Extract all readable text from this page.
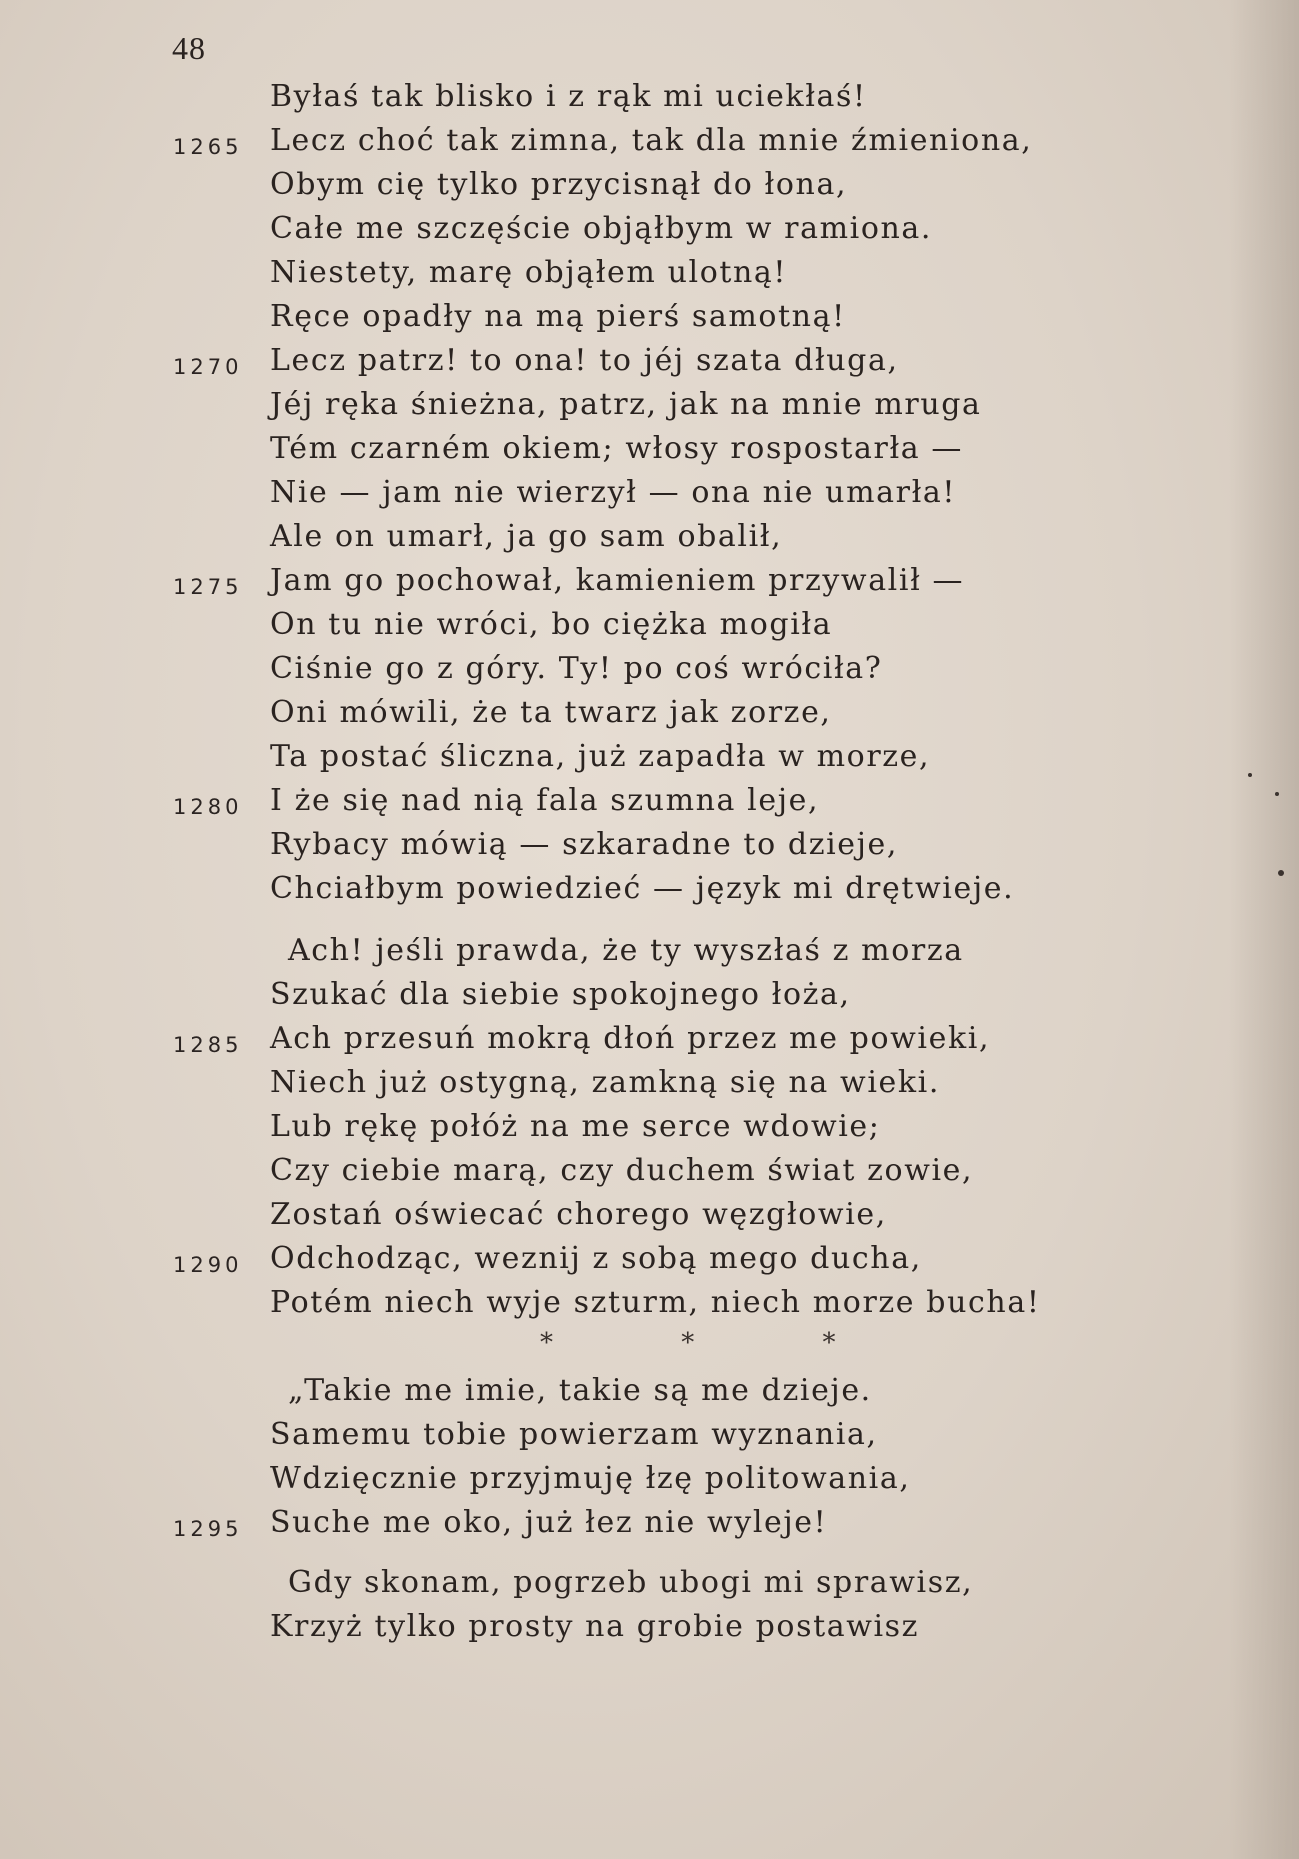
48
Byłaś tak blisko i z rąk mi uciekłaś!
1265 Lecz choć tak zimna, tak dla mnie źmieniona,
Obym cię tylko przycisnął do łona,
Całe me szczęście objąłbym w ramiona.
Niestety, marę objąłem ulotną!
Ręce opadły na mą pierś samotną!
1270 Lecz patrz! to ona! to jéj szata długa,
Jéj ręka śnieżna, patrz, jak na mnie mruga
Tém czarném okiem; włosy rospostarła —
Nie — jam nie wierzył — ona nie umarła!
Ale on umarł, ja go sam obalił,
1275 Jam go pochował, kamieniem przywalił —
On tu nie wróci, bo ciężka mogiła
Ciśnie go z góry. Ty! po coś wróciła?
Oni mówili, że ta twarz jak zorze,
Ta postać śliczna, już zapadła w morze,
1280 I że się nad nią fala szumna leje,
Rybacy mówią — szkaradne to dzieje,
Chciałbym powiedzieć — język mi drętwieje.
Ach! jeśli prawda, że ty wyszłaś z morza
Szukać dla siebie spokojnego łoża,
1285 Ach przesuń mokrą dłoń przez me powieki,
Niech już ostygną, zamkną się na wieki.
Lub rękę połóż na me serce wdowie;
Czy ciebie marą, czy duchem świat zowie,
Zostań oświecać chorego węzgłowie,
1290 Odchodząc, weznij z sobą mego ducha,
Potém niech wyje szturm, niech morze bucha!
* * *
„Takie me imie, takie są me dzieje.
Samemu tobie powierzam wyznania,
Wdzięcznie przyjmuję łzę politowania,
1295 Suche me oko, już łez nie wyleje!
Gdy skonam, pogrzeb ubogi mi sprawisz,
Krzyż tylko prosty na grobie postawisz
